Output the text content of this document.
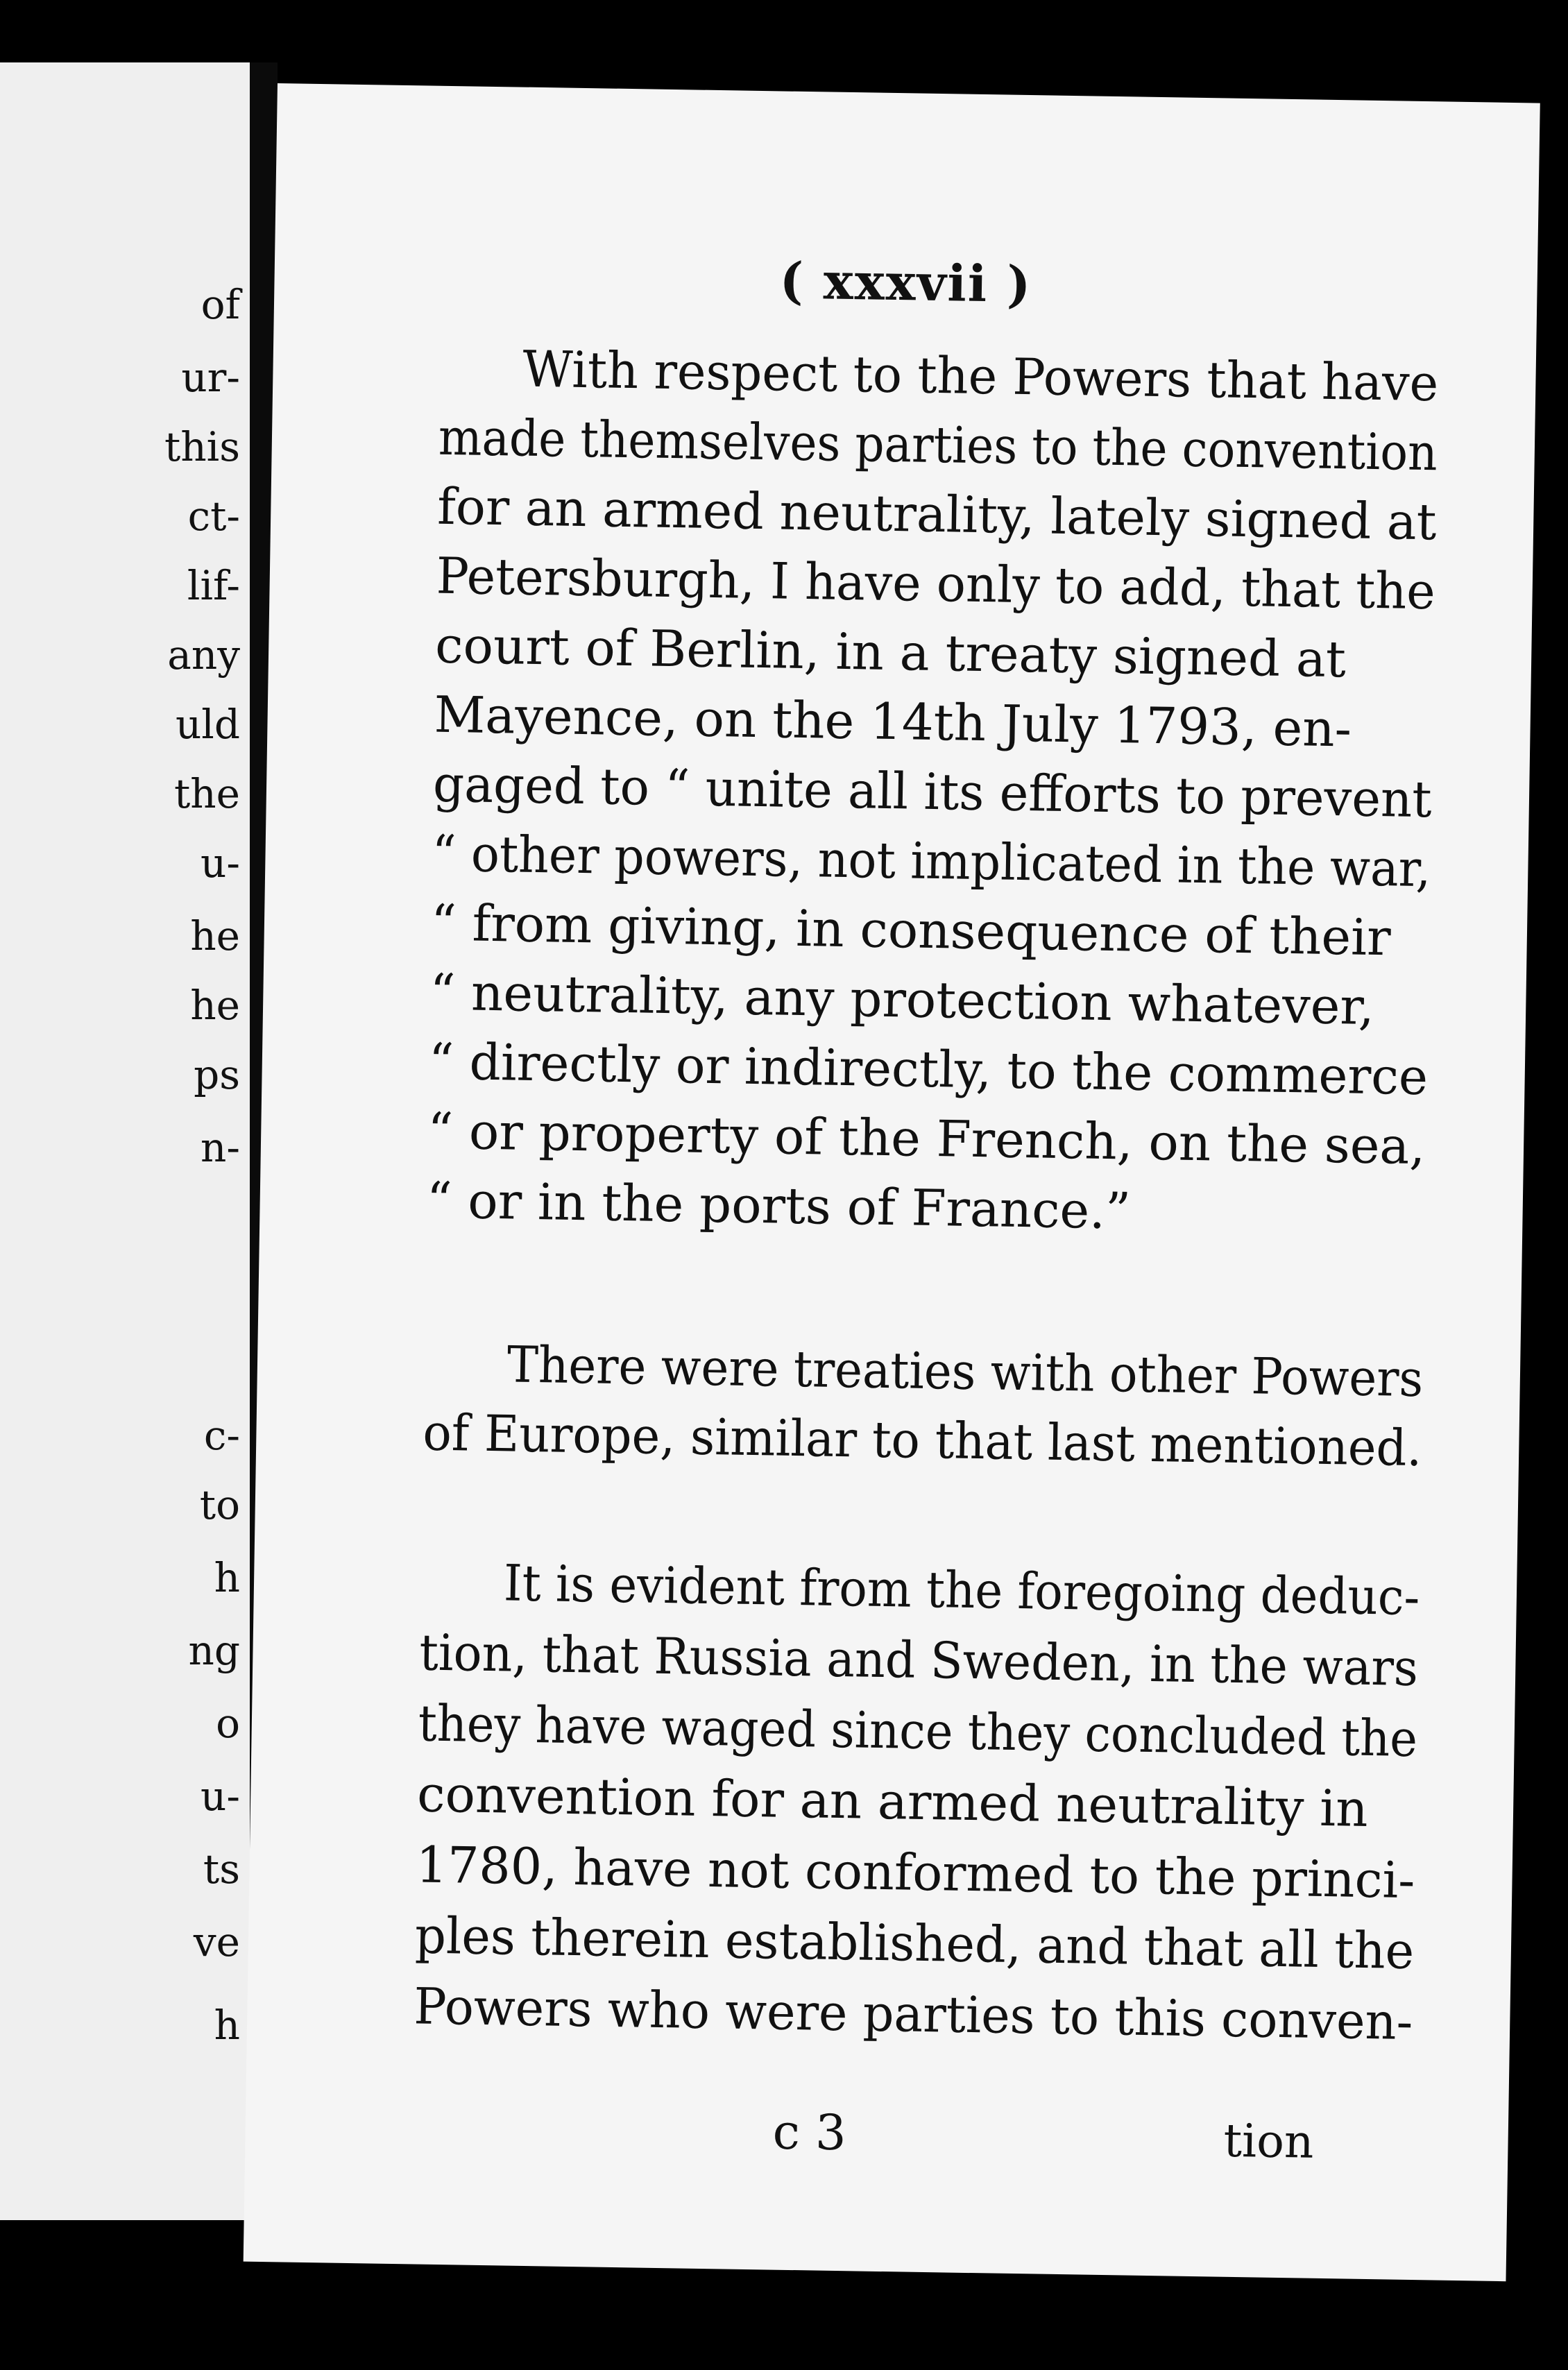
of
ur-
this
ct-
lif-
any
uld
the
u-
he
he
ps
n-
c-
to
h
ng
o
u-
ts
ve
h
( xxxvii )
With respect to the Powers that have
made themselves parties to the convention
for an armed neutrality, lately signed at
Petersburgh, I have only to add, that the
court of Berlin, in a treaty signed at
Mayence, on the 14th July 1793, en-
gaged to “ unite all its efforts to prevent
“ other powers, not implicated in the war,
“ from giving, in consequence of their
“ neutrality, any protection whatever,
“ directly or indirectly, to the commerce
“ or property of the French, on the sea,
“ or in the ports of France.”
There were treaties with other Powers
of Europe, similar to that last mentioned.
It is evident from the foregoing deduc-
tion, that Russia and Sweden, in the wars
they have waged since they concluded the
convention for an armed neutrality in
1780, have not conformed to the princi-
ples therein established, and that all the
Powers who were parties to this conven-
c 3	tion
